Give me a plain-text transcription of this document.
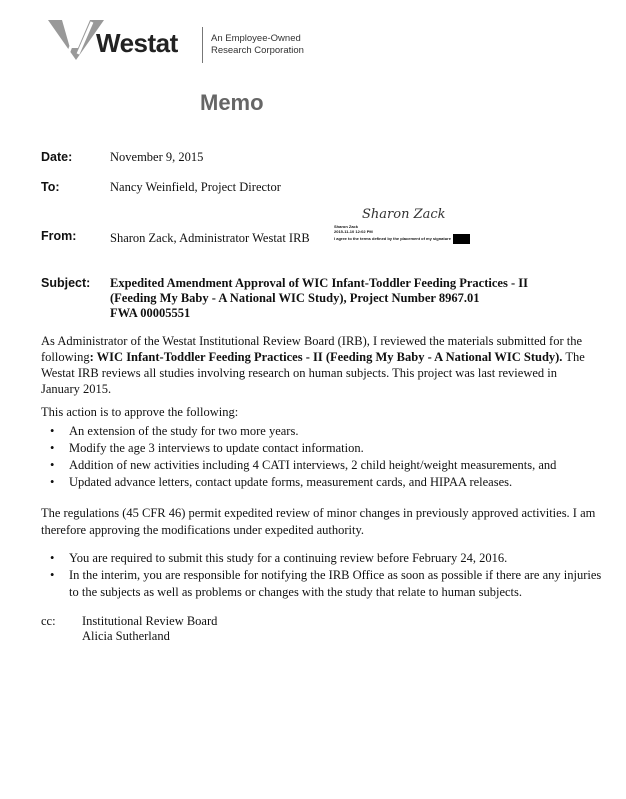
Westat	An Employee-Owned
Research Corporation
Memo
Date:	November 9, 2015
To:	Nancy Weinfield, Project Director
From:	Sharon Zack, Administrator Westat IRB
Sharon Zack
Sharon Zack
2015-11-10 12:02 PM
I agree to the terms defined by the placement of my signature
Subject: Expedited Amendment Approval of WIC Infant-Toddler Feeding Practices - II
(Feeding My Baby - A National WIC Study), Project Number 8967.01
FWA 00005551
As Administrator of the Westat Institutional Review Board (IRB), I reviewed the materials submitted for the following: WIC Infant-Toddler Feeding Practices - II (Feeding My Baby - A National WIC Study). The Westat IRB reviews all studies involving research on human subjects. This project was last reviewed in January 2015.
This action is to approve the following:
• An extension of the study for two more years.
• Modify the age 3 interviews to update contact information.
• Addition of new activities including 4 CATI interviews, 2 child height/weight measurements, and
• Updated advance letters, contact update forms, measurement cards, and HIPAA releases.
The regulations (45 CFR 46) permit expedited review of minor changes in previously approved activities. I am therefore approving the modifications under expedited authority.
• You are required to submit this study for a continuing review before February 24, 2016.
• In the interim, you are responsible for notifying the IRB Office as soon as possible if there are any injuries to the subjects as well as problems or changes with the study that relate to human subjects.
cc: Institutional Review Board
Alicia Sutherland
